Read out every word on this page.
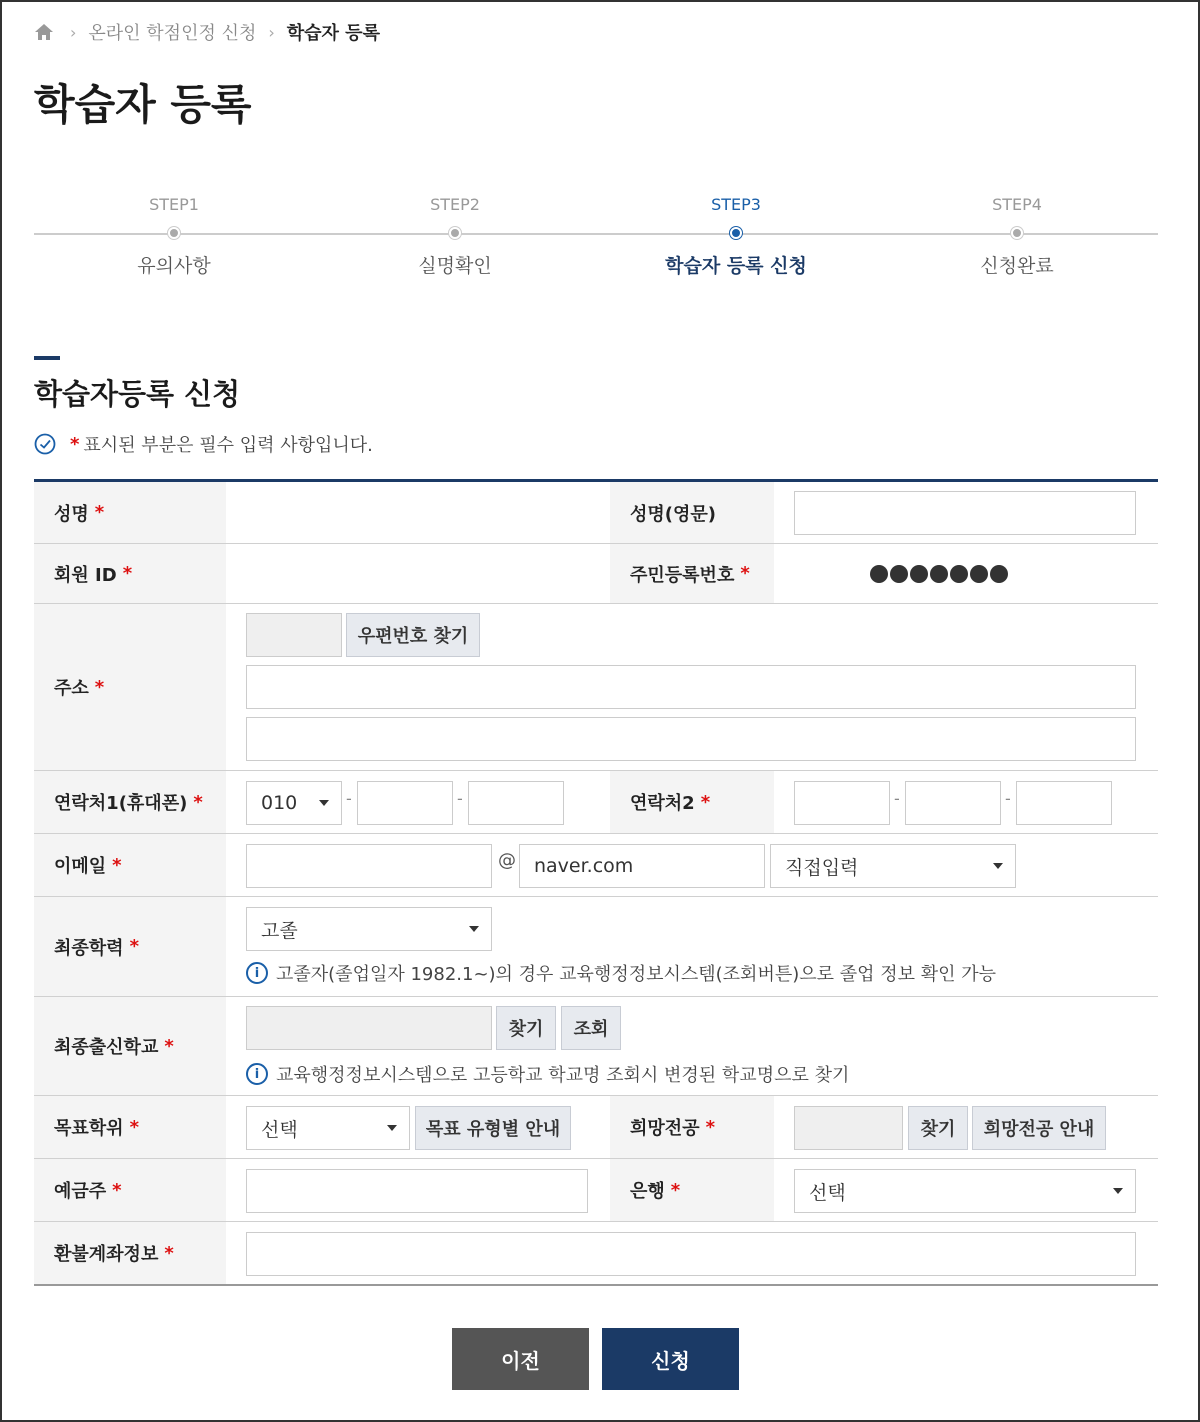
› 온라인 학점인정 신청 › 학습자 등록
학습자 등록
STEP1
유의사항
STEP2
실명확인
STEP3
학습자 등록 신청
STEP4
신청완료
학습자등록 신청
* 표시된 부분은 필수 입력 사항입니다.
성명 *	성명(영문)
회원 ID *	주민등록번호 *
주소 *
우편번호 찾기
연락처1(휴대폰) *	010	-	-	연락처2 *	-	-
이메일 *	@ naver.com	직접입력
최종학력 *
고졸
i 고졸자(졸업일자 1982.1~)의 경우 교육행정정보시스템(조회버튼)으로 졸업 정보 확인 가능
최종출신학교 *
찾기	조회
i 교육행정정보시스템으로 고등학교 학교명 조회시 변경된 학교명으로 찾기
목표학위 *	선택	목표 유형별 안내	희망전공 *	찾기	희망전공 안내
예금주 *	은행 *	선택
환불계좌정보 *
이전	신청
